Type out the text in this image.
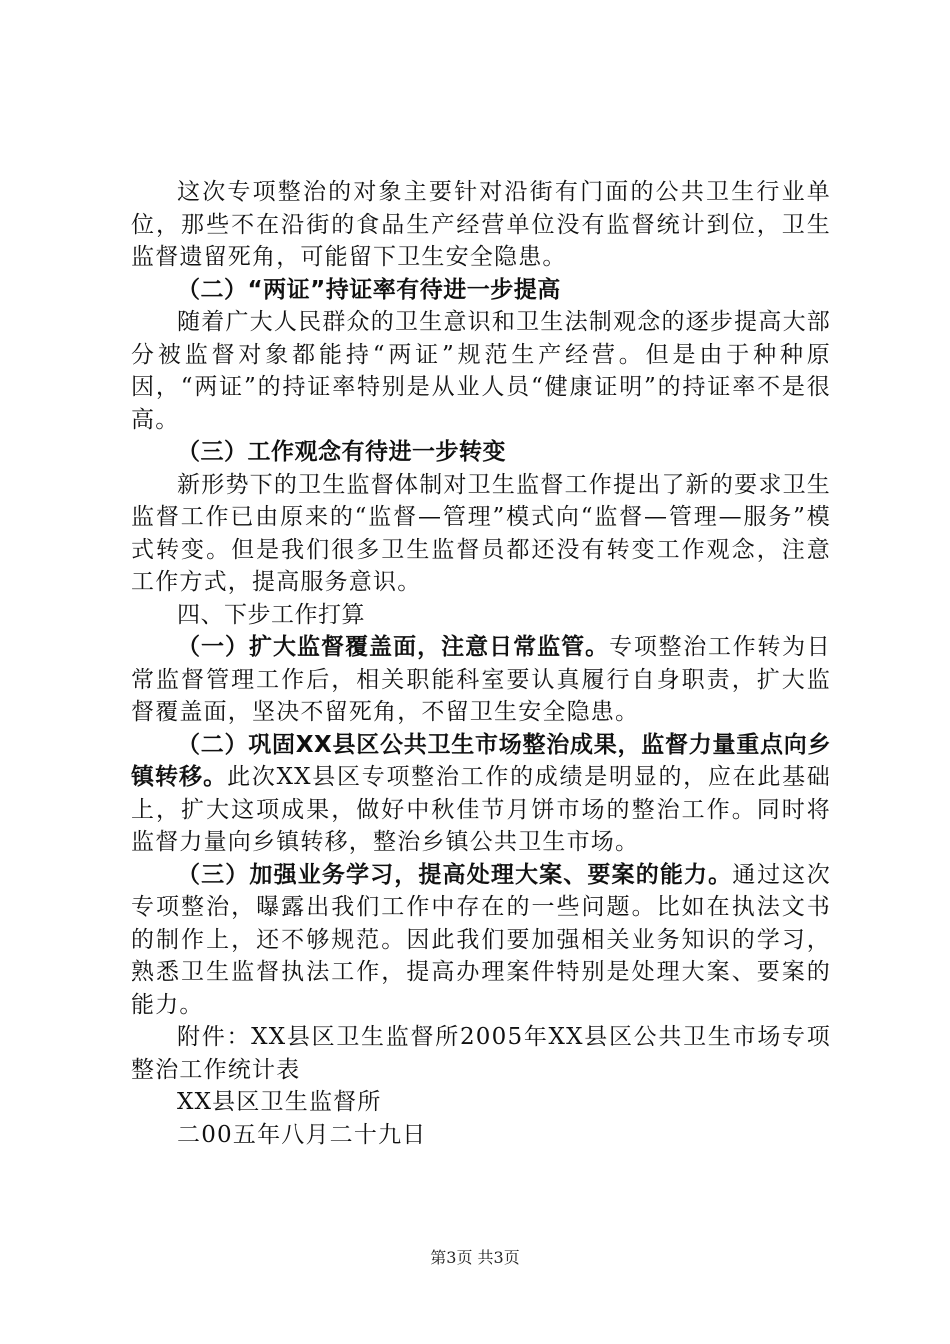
这次专项整治的对象主要针对沿街有门面的公共卫生行业单位，那些不在沿街的食品生产经营单位没有监督统计到位，卫生监督遗留死角，可能留下卫生安全隐患。

（二）“两证”持证率有待进一步提高

随着广大人民群众的卫生意识和卫生法制观念的逐步提高大部分被监督对象都能持“两证”规范生产经营。但是由于种种原因，“两证”的持证率特别是从业人员“健康证明”的持证率不是很高。

（三）工作观念有待进一步转变

新形势下的卫生监督体制对卫生监督工作提出了新的要求卫生监督工作已由原来的“监督—管理”模式向“监督—管理—服务”模式转变。但是我们很多卫生监督员都还没有转变工作观念，注意工作方式，提高服务意识。

四、下步工作打算

（一）扩大监督覆盖面，注意日常监管。专项整治工作转为日常监督管理工作后，相关职能科室要认真履行自身职责，扩大监督覆盖面，坚决不留死角，不留卫生安全隐患。

（二）巩固XX县区公共卫生市场整治成果，监督力量重点向乡镇转移。此次XX县区专项整治工作的成绩是明显的，应在此基础上，扩大这项成果，做好中秋佳节月饼市场的整治工作。同时将监督力量向乡镇转移，整治乡镇公共卫生市场。

（三）加强业务学习，提高处理大案、要案的能力。通过这次专项整治，曝露出我们工作中存在的一些问题。比如在执法文书的制作上，还不够规范。因此我们要加强相关业务知识的学习，熟悉卫生监督执法工作，提高办理案件特别是处理大案、要案的能力。

附件：XX县区卫生监督所2005年XX县区公共卫生市场专项整治工作统计表

XX县区卫生监督所

二00五年八月二十九日

第3页 共3页
